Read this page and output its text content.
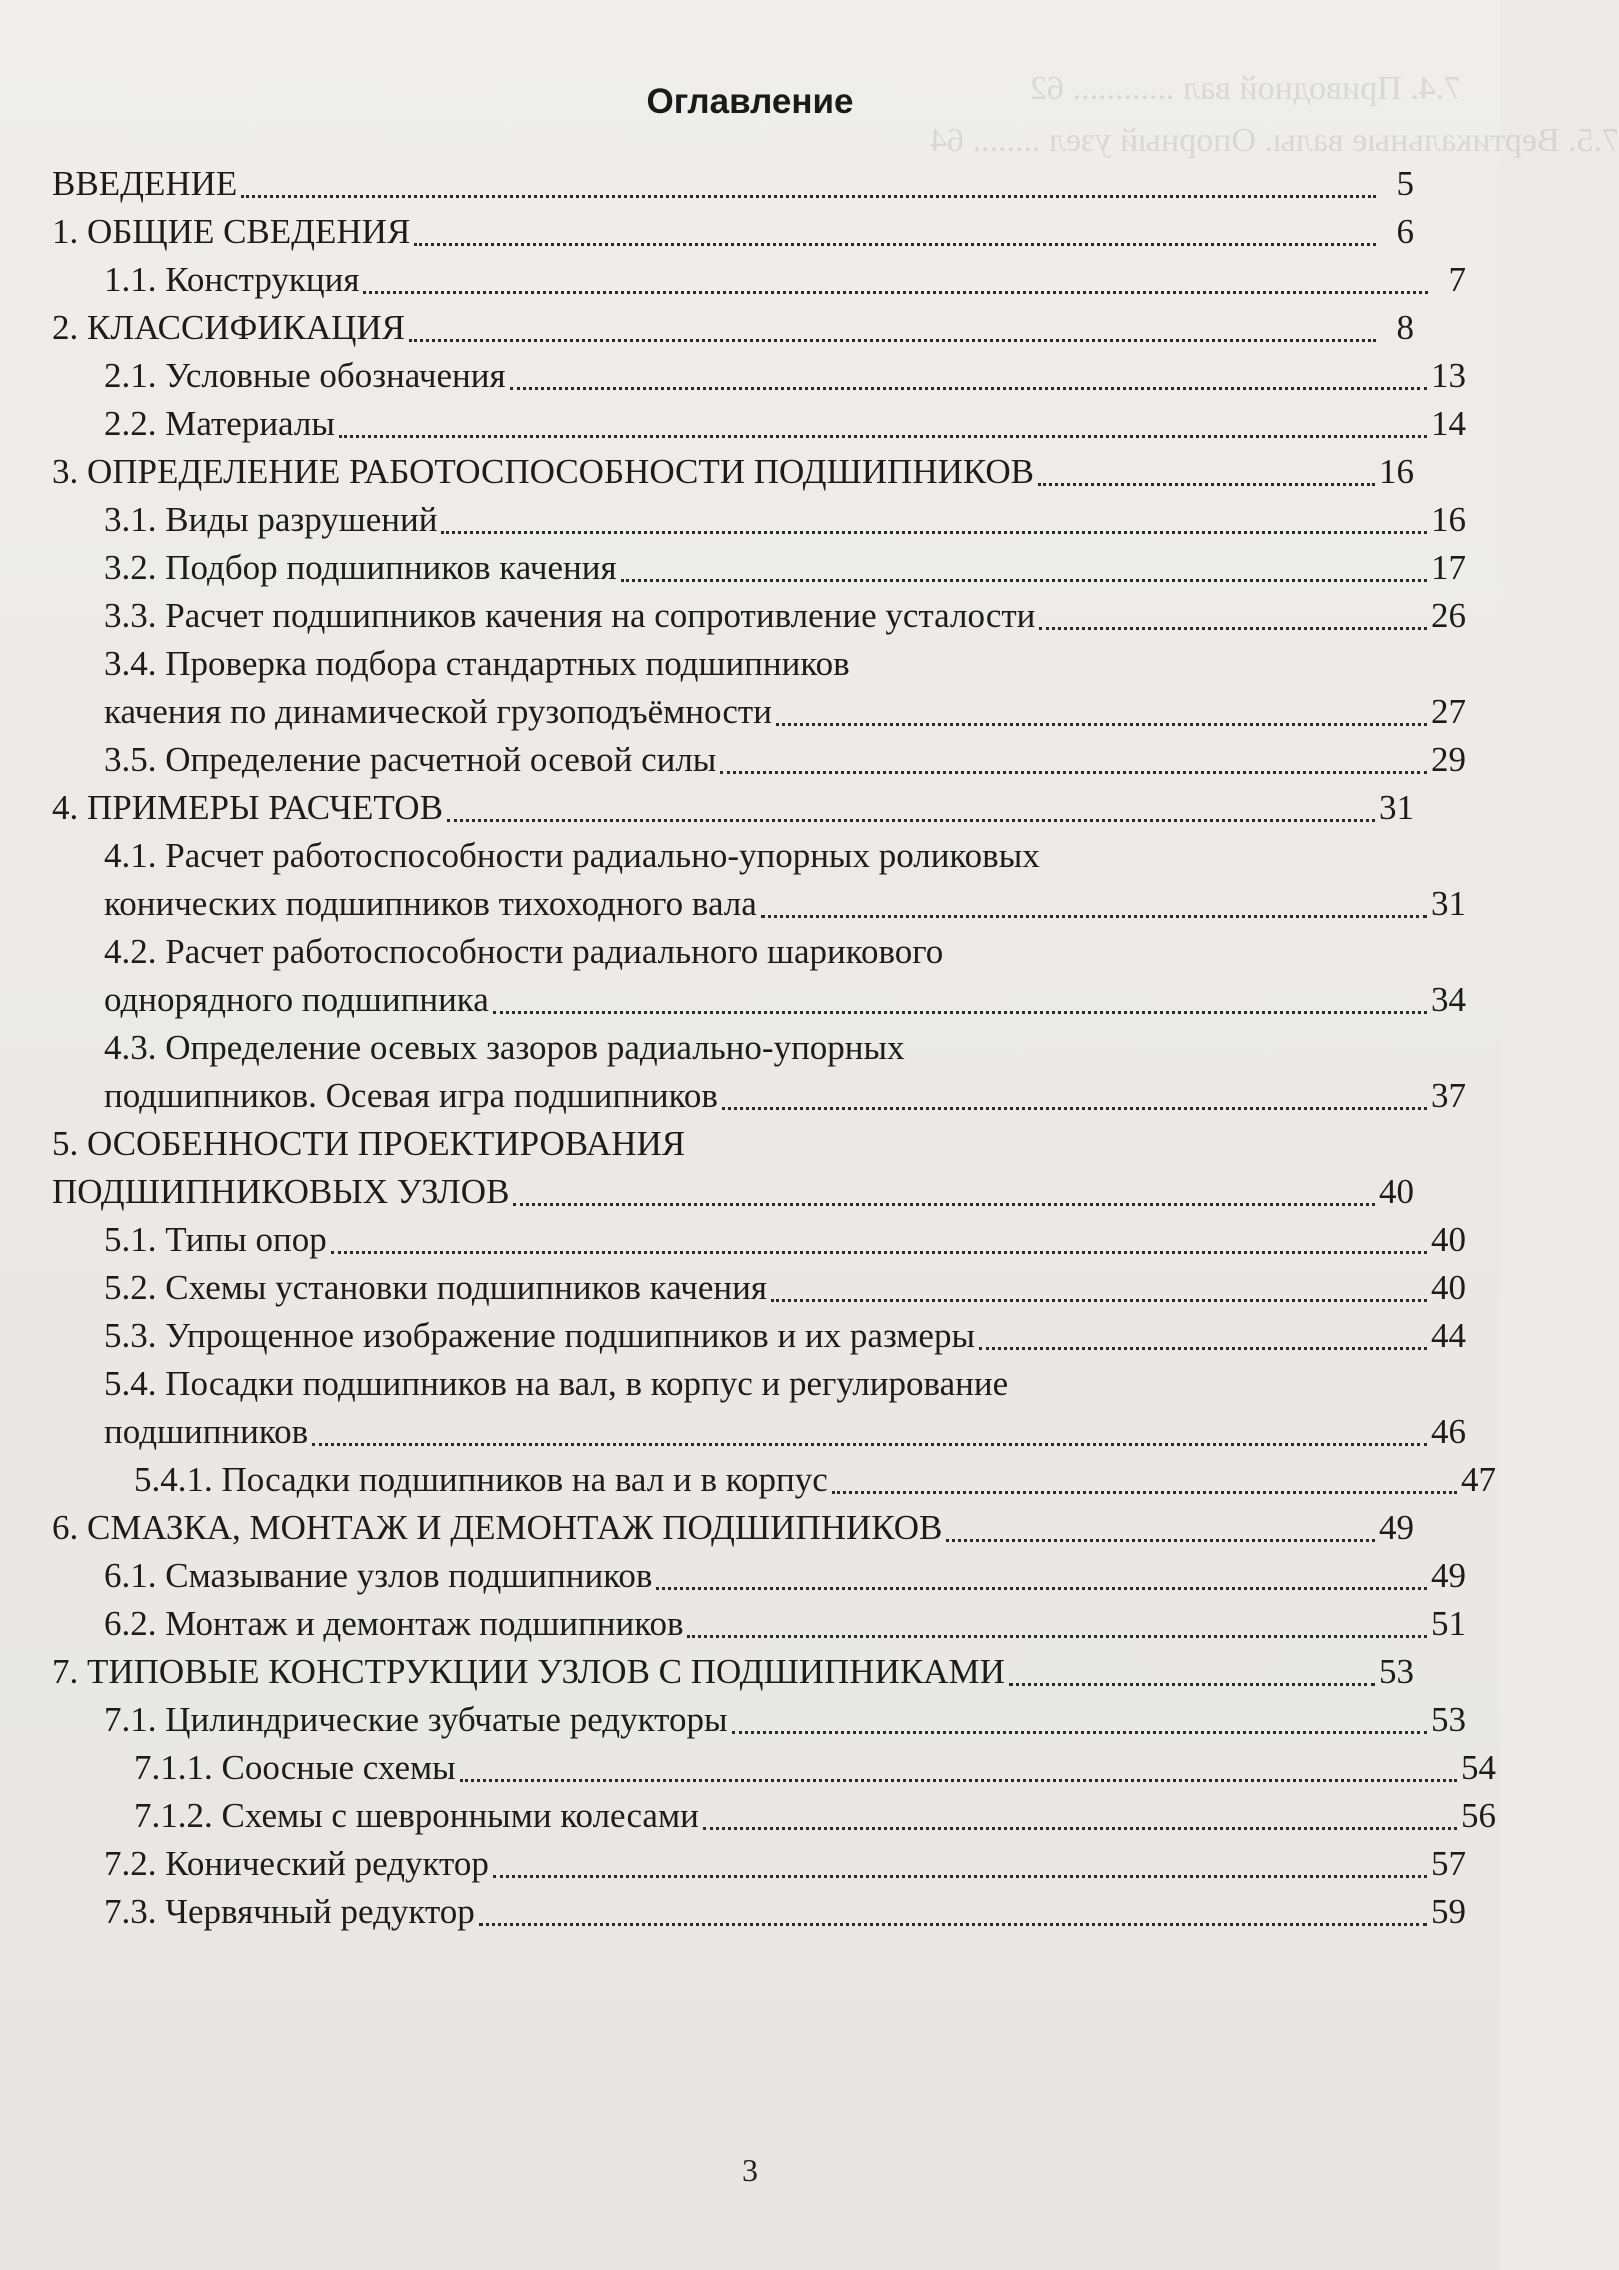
7.4. Приводной вал ............ 62
7.5. Вертикальные валы. Опорный узел ........ 64
Оглавление
ВВЕДЕНИЕ	5
1. ОБЩИЕ СВЕДЕНИЯ	6
1.1. Конструкция	7
2. КЛАССИФИКАЦИЯ	8
2.1. Условные обозначения	13
2.2. Материалы	14
3. ОПРЕДЕЛЕНИЕ РАБОТОСПОСОБНОСТИ ПОДШИПНИКОВ	16
3.1. Виды разрушений	16
3.2. Подбор подшипников качения	17
3.3. Расчет подшипников качения на сопротивление усталости	26
3.4. Проверка подбора стандартных подшипников
качения по динамической грузоподъёмности	27
3.5. Определение расчетной осевой силы	29
4. ПРИМЕРЫ РАСЧЕТОВ	31
4.1. Расчет работоспособности радиально-упорных роликовых
конических подшипников тихоходного вала	31
4.2. Расчет работоспособности радиального шарикового
однорядного подшипника	34
4.3. Определение осевых зазоров радиально-упорных
подшипников. Осевая игра подшипников	37
5. ОСОБЕННОСТИ ПРОЕКТИРОВАНИЯ
ПОДШИПНИКОВЫХ УЗЛОВ	40
5.1. Типы опор	40
5.2. Схемы установки подшипников качения	40
5.3. Упрощенное изображение подшипников и их размеры	44
5.4. Посадки подшипников на вал, в корпус и регулирование
подшипников	46
5.4.1. Посадки подшипников на вал и в корпус	47
6. СМАЗКА, МОНТАЖ И ДЕМОНТАЖ ПОДШИПНИКОВ	49
6.1. Смазывание узлов подшипников	49
6.2. Монтаж и демонтаж подшипников	51
7. ТИПОВЫЕ КОНСТРУКЦИИ УЗЛОВ С ПОДШИПНИКАМИ	53
7.1. Цилиндрические зубчатые редукторы	53
7.1.1. Соосные схемы	54
7.1.2. Схемы с шевронными колесами	56
7.2. Конический редуктор	57
7.3. Червячный редуктор	59
3
